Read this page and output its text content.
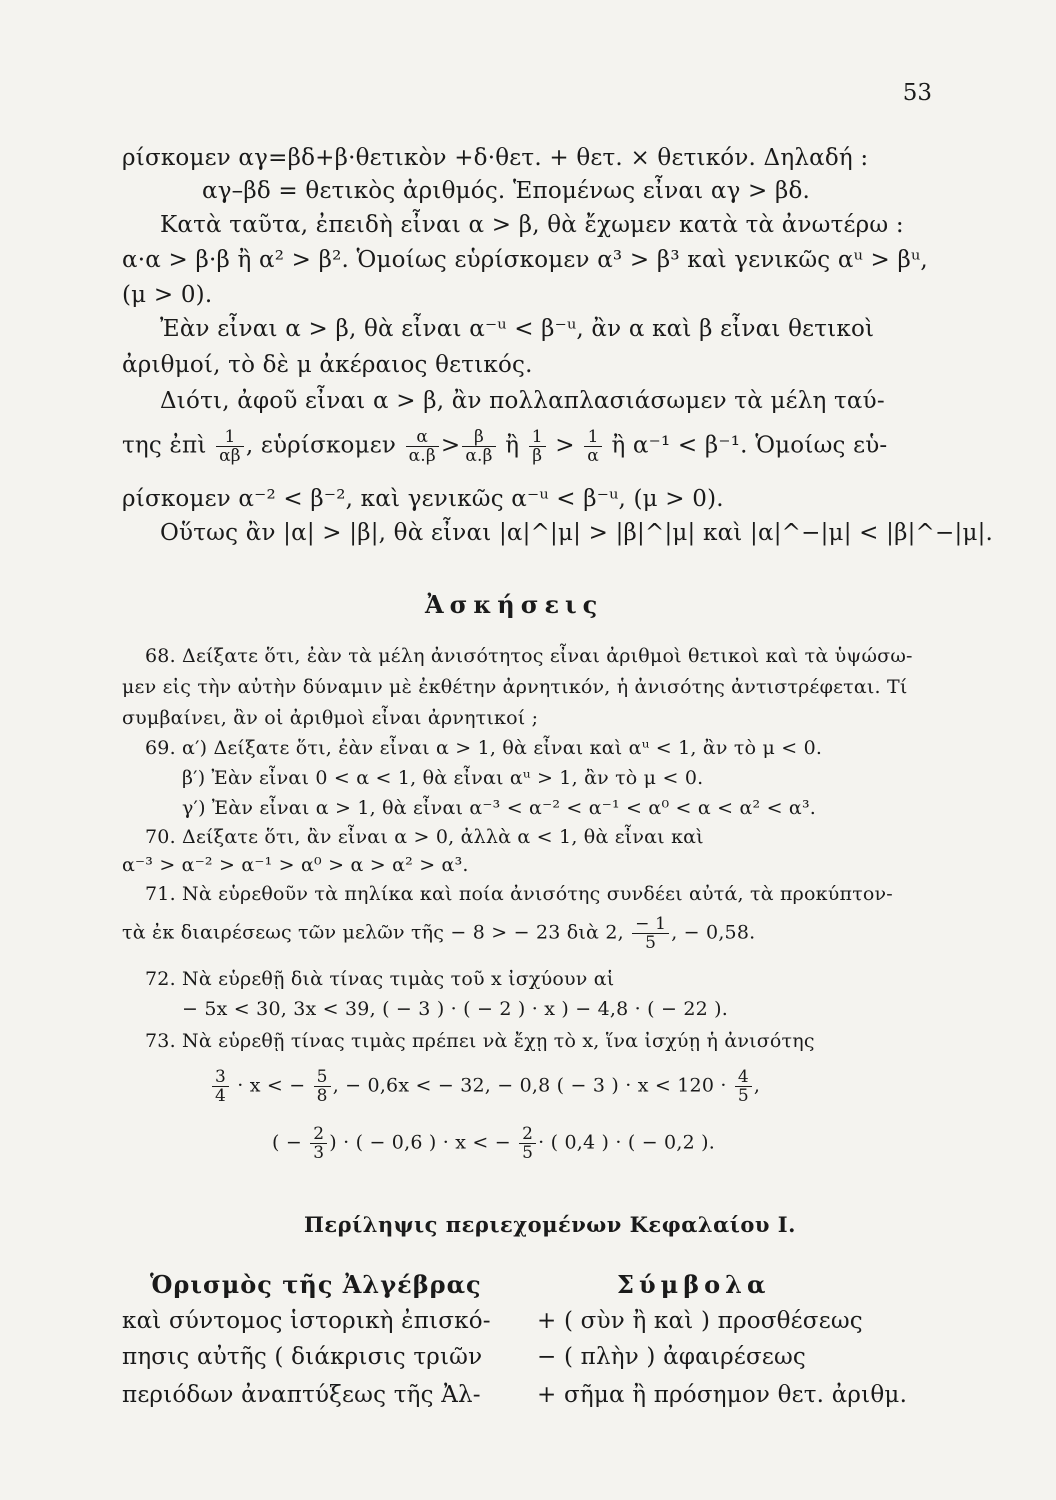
53
ρίσκομεν αγ=βδ+β·θετικὸν +δ·θετ. + θετ. × θετικόν. Δηλαδή :
αγ–βδ = θετικὸς ἀριθμός. Ἑπομένως εἶναι αγ > βδ.
Κατὰ ταῦτα, ἐπειδὴ εἶναι α > β, θὰ ἔχωμεν κατὰ τὰ ἀνωτέρω :
α·α > β·β ἢ α² > β². Ὁμοίως εὑρίσκομεν α³ > β³ καὶ γενικῶς αᵘ > βᵘ,
(μ > 0).
Ἐὰν εἶναι α > β, θὰ εἶναι α⁻ᵘ < β⁻ᵘ, ἂν α καὶ β εἶναι θετικοὶ
ἀριθμοί, τὸ δὲ μ ἀκέραιος θετικός.
Διότι, ἀφοῦ εἶναι α > β, ἂν πολλαπλασιάσωμεν τὰ μέλη ταύ-
της ἐπὶ $\frac{1}{\alpha\beta}$ , εὑρίσκομεν $\frac{\alpha}{\alpha.\beta} > \frac{\beta}{\alpha.\beta}$ ἢ $\frac{1}{\beta} > \frac{1}{\alpha}$ ἢ α⁻¹ < β⁻¹. Ὁμοίως εὑ-
ρίσκομεν α⁻² < β⁻², καὶ γενικῶς α⁻ᵘ < β⁻ᵘ, (μ > 0).
Οὕτως ἂν |α| > |β|, θὰ εἶναι |α|^|μ| > |β|^|μ| καὶ |α|^−|μ| < |β|^−|μ|.
Ἀσκήσεις
68. Δείξατε ὅτι, ἐὰν τὰ μέλη ἀνισότητος εἶναι ἀριθμοὶ θετικοὶ καὶ τὰ ὑψώσω-
μεν εἰς τὴν αὐτὴν δύναμιν μὲ ἐκθέτην ἀρνητικόν, ἡ ἀνισότης ἀντιστρέφεται. Τί
συμβαίνει, ἂν οἱ ἀριθμοὶ εἶναι ἀρνητικοί ;
69. α′) Δείξατε ὅτι, ἐὰν εἶναι α > 1, θὰ εἶναι καὶ αᵘ < 1, ἂν τὸ μ < 0.
β′) Ἐὰν εἶναι 0 < α < 1, θὰ εἶναι αᵘ > 1, ἂν τὸ μ < 0.
γ′) Ἐὰν εἶναι α > 1, θὰ εἶναι α⁻³ < α⁻² < α⁻¹ < α⁰ < α < α² < α³.
70. Δείξατε ὅτι, ἂν εἶναι α > 0, ἀλλὰ α < 1, θὰ εἶναι καὶ
α⁻³ > α⁻² > α⁻¹ > α⁰ > α > α² > α³.
71. Νὰ εὑρεθοῦν τὰ πηλίκα καὶ ποία ἀνισότης συνδέει αὐτά, τὰ προκύπτον-
τὰ ἐκ διαιρέσεως τῶν μελῶν τῆς − 8 > − 23 διὰ 2, $\frac{- 1}{5}$ , − 0,58.
72. Νὰ εὑρεθῇ διὰ τίνας τιμὰς τοῦ x ἰσχύουν αἱ
− 5x < 30, 3x < 39, ( − 3 ) · ( − 2 ) · x ) − 4,8 · ( − 22 ).
73. Νὰ εὑρεθῇ τίνας τιμὰς πρέπει νὰ ἔχῃ τὸ x, ἵνα ἰσχύῃ ἡ ἀνισότης
$\frac{3}{4} \cdot x$ < − $\frac{5}{8}$ , − 0,6x < − 32, − 0,8 ( − 3 ) · $x < 120 \cdot \frac{4}{5}$ ,
( − $\frac{2}{3}$ ) · ( − 0,6 ) · x < − $\frac{2}{5}$ · ( 0,4 ) · ( − 0,2 ).
Περίληψις περιεχομένων Κεφαλαίου Ι.
Ὁρισμὸς τῆς Ἀλγέβρας
καὶ σύντομος ἱστορικὴ ἐπισκό-
πησις αὐτῆς ( διάκρισις τριῶν
περιόδων ἀναπτύξεως τῆς Ἀλ-
Σύμβολα
+ ( σὺν ἢ καὶ ) προσθέσεως
− ( πλὴν ) ἀφαιρέσεως
+ σῆμα ἢ πρόσημον θετ. ἀριθμ.
